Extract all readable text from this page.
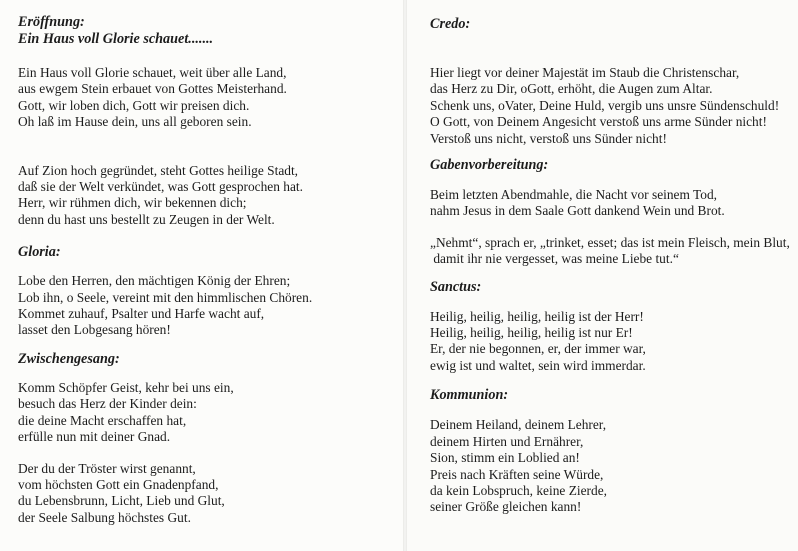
Eröffnung:
Ein Haus voll Glorie schauet.......

Ein Haus voll Glorie schauet, weit über alle Land,
aus ewgem Stein erbauet von Gottes Meisterhand.
Gott, wir loben dich, Gott wir preisen dich.
Oh laß im Hause dein, uns all geboren sein.
Auf Zion hoch gegründet, steht Gottes heilige Stadt,
daß sie der Welt verkündet, was Gott gesprochen hat.
Herr, wir rühmen dich, wir bekennen dich;
denn du hast uns bestellt zu Zeugen in der Welt.

Gloria:

Lobe den Herren, den mächtigen König der Ehren;
Lob ihn, o Seele, vereint mit den himmlischen Chören.
Kommet zuhauf, Psalter und Harfe wacht auf,
lasset den Lobgesang hören!

Zwischengesang:

Komm Schöpfer Geist, kehr bei uns ein,
besuch das Herz der Kinder dein:
die deine Macht erschaffen hat,
erfülle nun mit deiner Gnad.
Der du der Tröster wirst genannt,
vom höchsten Gott ein Gnadenpfand,
du Lebensbrunn, Licht, Lieb und Glut,
der Seele Salbung höchstes Gut.

Credo:

Hier liegt vor deiner Majestät im Staub die Christenschar,
das Herz zu Dir, oGott, erhöht, die Augen zum Altar.
Schenk uns, oVater, Deine Huld, vergib uns unsre Sündenschuld!
O Gott, von Deinem Angesicht verstoß uns arme Sünder nicht!
Verstoß uns nicht, verstoß uns Sünder nicht!

Gabenvorbereitung:

Beim letzten Abendmahle, die Nacht vor seinem Tod,
nahm Jesus in dem Saale Gott dankend Wein und Brot.
„Nehmt“, sprach er, „trinket, esset; das ist mein Fleisch, mein Blut,
damit ihr nie vergesset, was meine Liebe tut.“

Sanctus:

Heilig, heilig, heilig, heilig ist der Herr!
Heilig, heilig, heilig, heilig ist nur Er!
Er, der nie begonnen, er, der immer war,
ewig ist und waltet, sein wird immerdar.

Kommunion:

Deinem Heiland, deinem Lehrer,
deinem Hirten und Ernährer,
Sion, stimm ein Loblied an!
Preis nach Kräften seine Würde,
da kein Lobspruch, keine Zierde,
seiner Größe gleichen kann!
